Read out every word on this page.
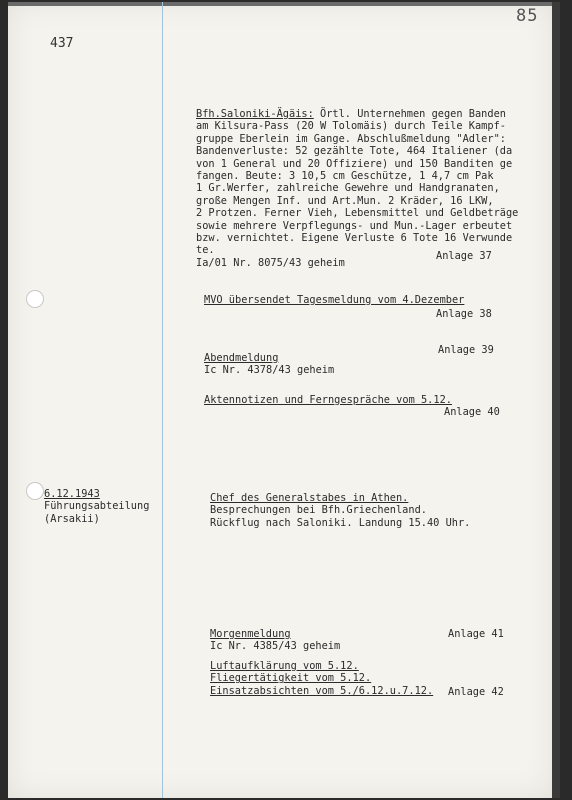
437
85
Bfh.Saloniki-Ägäis: Örtl. Unternehmen gegen Banden
am Kilsura-Pass (20 W Tolomäis) durch Teile Kampf-
gruppe Eberlein im Gange. Abschlußmeldung "Adler":
Bandenverluste: 52 gezählte Tote, 464 Italiener (da
von 1 General und 20 Offiziere) und 150 Banditen ge
fangen. Beute: 3 10,5 cm Geschütze, 1 4,7 cm Pak
1 Gr.Werfer, zahlreiche Gewehre und Handgranaten,
große Mengen Inf. und Art.Mun. 2 Kräder, 16 LKW,
2 Protzen. Ferner Vieh, Lebensmittel und Geldbeträge
sowie mehrere Verpflegungs- und Mun.-Lager erbeutet
bzw. vernichtet. Eigene Verluste 6 Tote 16 Verwunde
te.
Ia/01 Nr. 8075/43 geheim
Anlage 37
MVO übersendet Tagesmeldung vom 4.Dezember
Anlage 38
Anlage 39
Abendmeldung
Ic Nr. 4378/43 geheim
Aktennotizen und Ferngespräche vom 5.12.
Anlage 40
6.12.1943
Führungsabteilung
(Arsakii)
Chef des Generalstabes in Athen.
Besprechungen bei Bfh.Griechenland.
Rückflug nach Saloniki. Landung 15.40 Uhr.
Morgenmeldung
Ic Nr. 4385/43 geheim
Anlage 41
Luftaufklärung vom 5.12.
Fliegertätigkeit vom 5.12.
Einsatzabsichten vom 5./6.12.u.7.12. Anlage 42
